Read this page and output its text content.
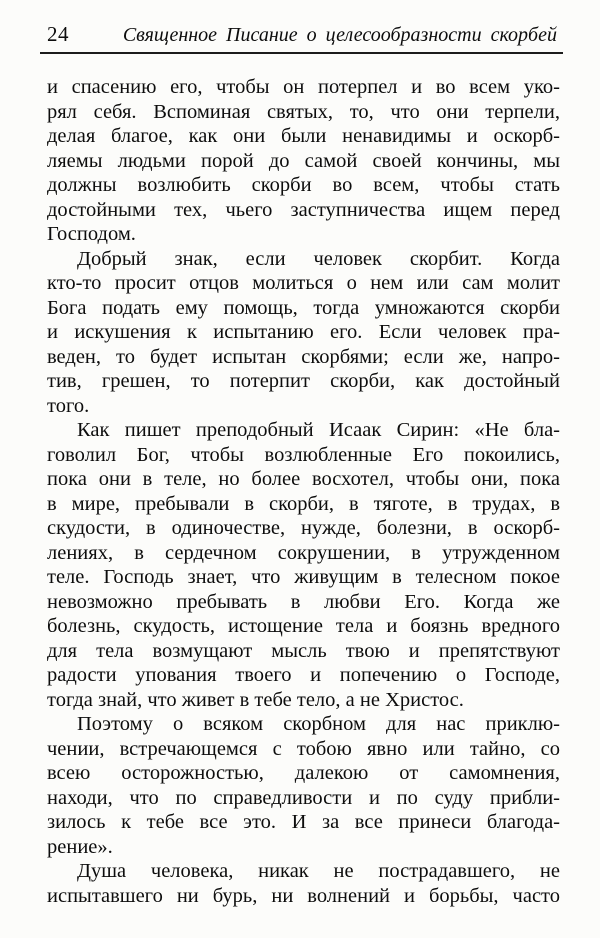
24	Священное Писание о целесообразности скорбей
и спасению его, чтобы он потерпел и во всем уко-
рял себя. Вспоминая святых, то, что они терпели,
делая благое, как они были ненавидимы и оскорб-
ляемы людьми порой до самой своей кончины, мы
должны возлюбить скорби во всем, чтобы стать
достойными тех, чьего заступничества ищем перед
Господом.
Добрый знак, если человек скорбит. Когда
кто-то просит отцов молиться о нем или сам молит
Бога подать ему помощь, тогда умножаются скорби
и искушения к испытанию его. Если человек пра-
веден, то будет испытан скорбями; если же, напро-
тив, грешен, то потерпит скорби, как достойный
того.
Как пишет преподобный Исаак Сирин: «Не бла-
говолил Бог, чтобы возлюбленные Его покоились,
пока они в теле, но более восхотел, чтобы они, пока
в мире, пребывали в скорби, в тяготе, в трудах, в
скудости, в одиночестве, нужде, болезни, в оскорб-
лениях, в сердечном сокрушении, в утружденном
теле. Господь знает, что живущим в телесном покое
невозможно пребывать в любви Его. Когда же
болезнь, скудость, истощение тела и боязнь вредного
для тела возмущают мысль твою и препятствуют
радости упования твоего и попечению о Господе,
тогда знай, что живет в тебе тело, а не Христос.
Поэтому о всяком скорбном для нас приклю-
чении, встречающемся с тобою явно или тайно, со
всею осторожностью, далекою от самомнения,
находи, что по справедливости и по суду прибли-
зилось к тебе все это. И за все принеси благода-
рение».
Душа человека, никак не пострадавшего, не
испытавшего ни бурь, ни волнений и борьбы, часто
